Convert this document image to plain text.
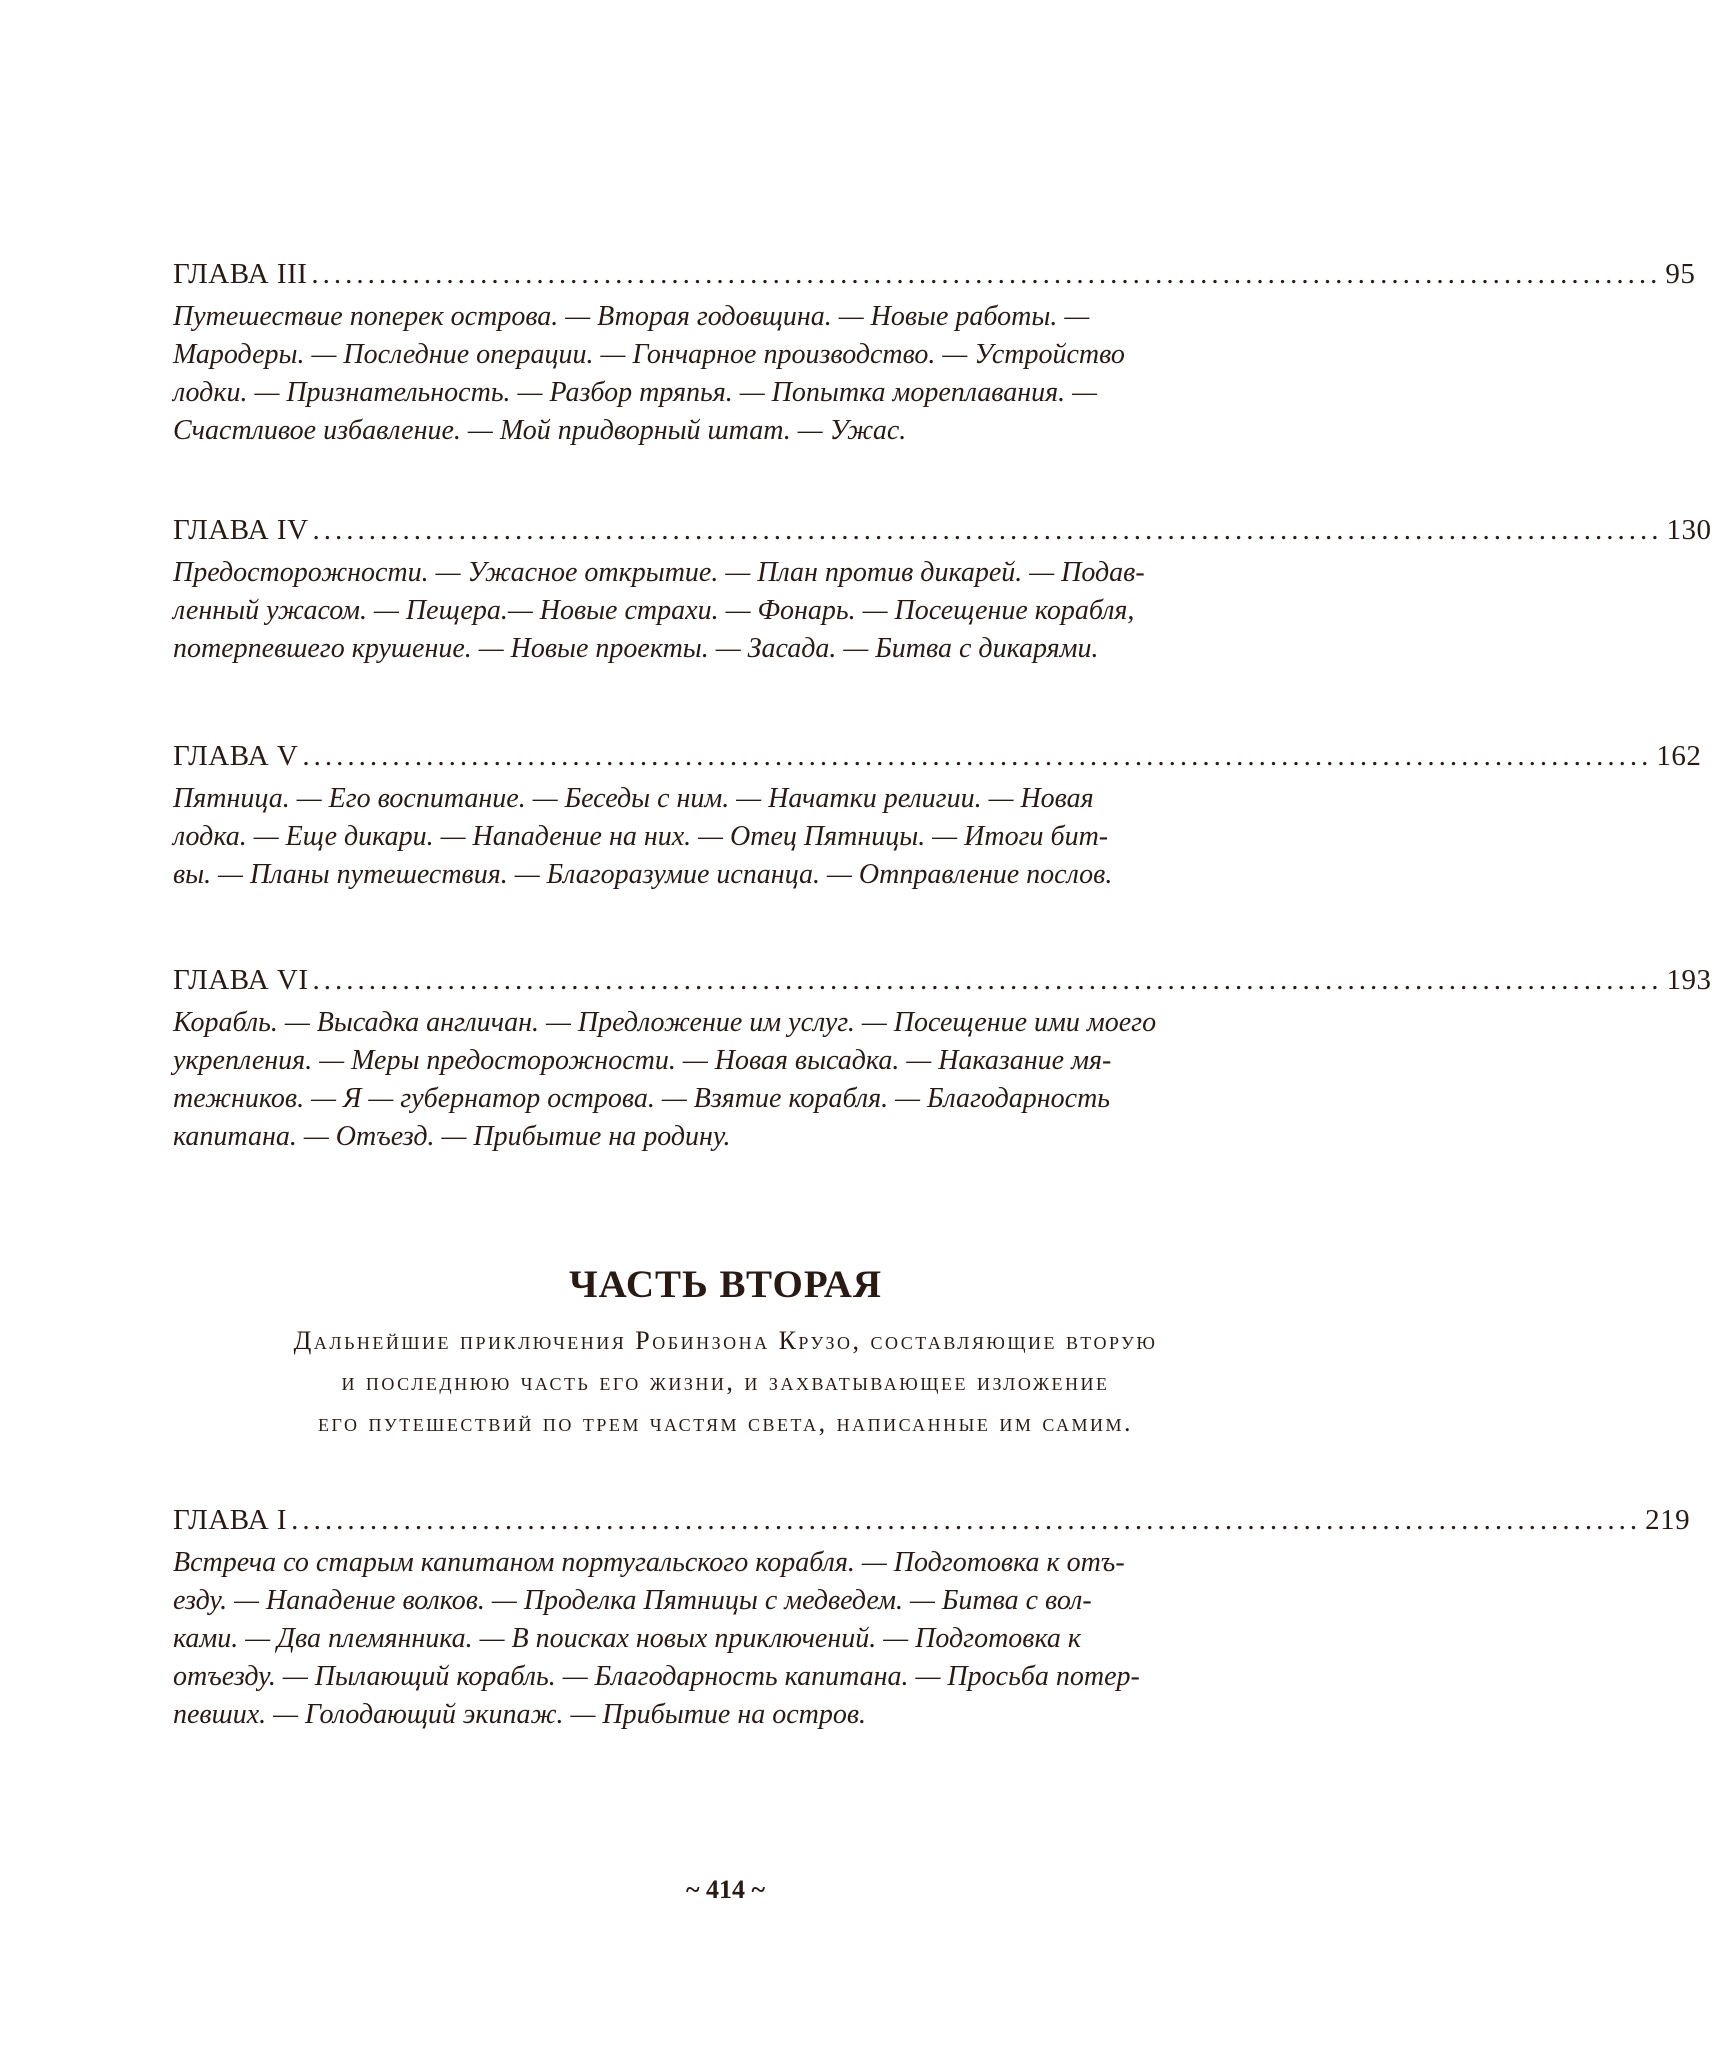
ГЛАВА III ........................................................................................................................ 95
Путешествие поперек острова. — Вторая годовщина. — Новые работы. —
Мародеры. — Последние операции. — Гончарное производство. — Устройство
лодки. — Признательность. — Разбор тряпья. — Попытка мореплавания. —
Счастливое избавление. — Мой придворный штат. — Ужас.
ГЛАВА IV ........................................................................................................................ 130
Предосторожности. — Ужасное открытие. — План против дикарей. — Подав-
ленный ужасом. — Пещера.— Новые страхи. — Фонарь. — Посещение корабля,
потерпевшего крушение. — Новые проекты. — Засада. — Битва с дикарями.
ГЛАВА V ........................................................................................................................ 162
Пятница. — Его воспитание. — Беседы с ним. — Начатки религии. — Новая
лодка. — Еще дикари. — Нападение на них. — Отец Пятницы. — Итоги бит-
вы. — Планы путешествия. — Благоразумие испанца. — Отправление послов.
ГЛАВА VI ........................................................................................................................ 193
Корабль. — Высадка англичан. — Предложение им услуг. — Посещение ими моего
укрепления. — Меры предосторожности. — Новая высадка. — Наказание мя-
тежников. — Я — губернатор острова. — Взятие корабля. — Благодарность
капитана. — Отъезд. — Прибытие на родину.
ЧАСТЬ ВТОРАЯ
Дальнейшие приключения Робинзона Крузо, составляющие вторую
и последнюю часть его жизни, и захватывающее изложение
его путешествий по трем частям света, написанные им самим.
ГЛАВА I ........................................................................................................................ 219
Встреча со старым капитаном португальского корабля. — Подготовка к отъ-
езду. — Нападение волков. — Проделка Пятницы с медведем. — Битва с вол-
ками. — Два племянника. — В поисках новых приключений. — Подготовка к
отъезду. — Пылающий корабль. — Благодарность капитана. — Просьба потер-
певших. — Голодающий экипаж. — Прибытие на остров.
~ 414 ~
